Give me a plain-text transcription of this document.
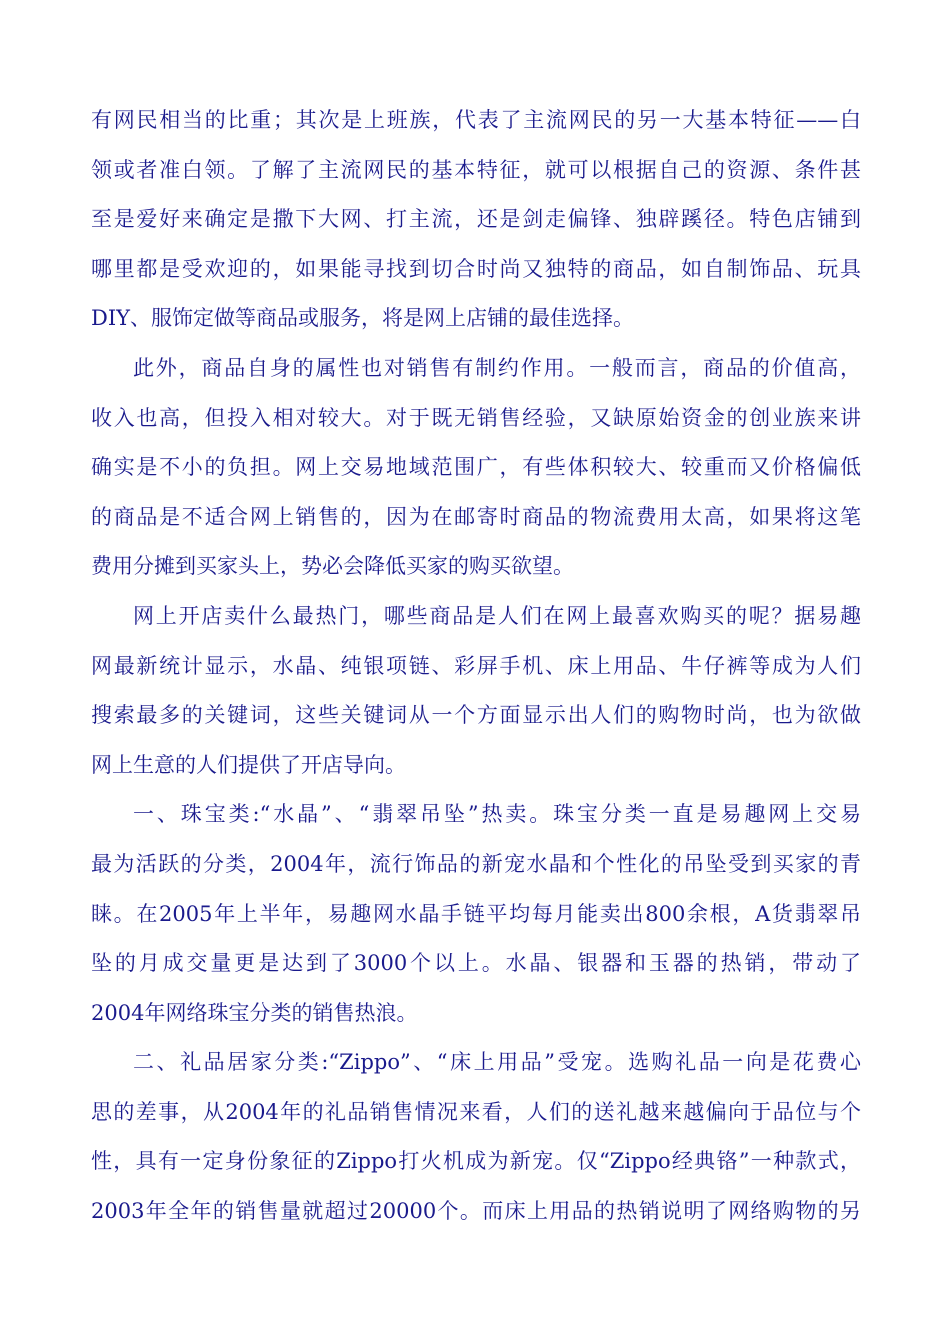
有网民相当的比重；其次是上班族，代表了主流网民的另一大基本特征——白
领或者准白领。了解了主流网民的基本特征，就可以根据自己的资源、条件甚
至是爱好来确定是撒下大网、打主流，还是剑走偏锋、独辟蹊径。特色店铺到
哪里都是受欢迎的，如果能寻找到切合时尚又独特的商品，如自制饰品、玩具
DIY、服饰定做等商品或服务，将是网上店铺的最佳选择。
此外，商品自身的属性也对销售有制约作用。一般而言，商品的价值高，
收入也高，但投入相对较大。对于既无销售经验，又缺原始资金的创业族来讲
确实是不小的负担。网上交易地域范围广，有些体积较大、较重而又价格偏低
的商品是不适合网上销售的，因为在邮寄时商品的物流费用太高，如果将这笔
费用分摊到买家头上，势必会降低买家的购买欲望。
网上开店卖什么最热门，哪些商品是人们在网上最喜欢购买的呢？据易趣
网最新统计显示，水晶、纯银项链、彩屏手机、床上用品、牛仔裤等成为人们
搜索最多的关键词，这些关键词从一个方面显示出人们的购物时尚，也为欲做
网上生意的人们提供了开店导向。
一、珠宝类:“水晶”、“翡翠吊坠”热卖。珠宝分类一直是易趣网上交易
最为活跃的分类，2004年，流行饰品的新宠水晶和个性化的吊坠受到买家的青
睐。在2005年上半年，易趣网水晶手链平均每月能卖出800余根，A货翡翠吊
坠的月成交量更是达到了3000个以上。水晶、银器和玉器的热销，带动了
2004年网络珠宝分类的销售热浪。
二、礼品居家分类:“Zippo”、“床上用品”受宠。选购礼品一向是花费心
思的差事，从2004年的礼品销售情况来看，人们的送礼越来越偏向于品位与个
性，具有一定身份象征的Zippo打火机成为新宠。仅“Zippo经典铬”一种款式，
2003年全年的销售量就超过20000个。而床上用品的热销说明了网络购物的另
